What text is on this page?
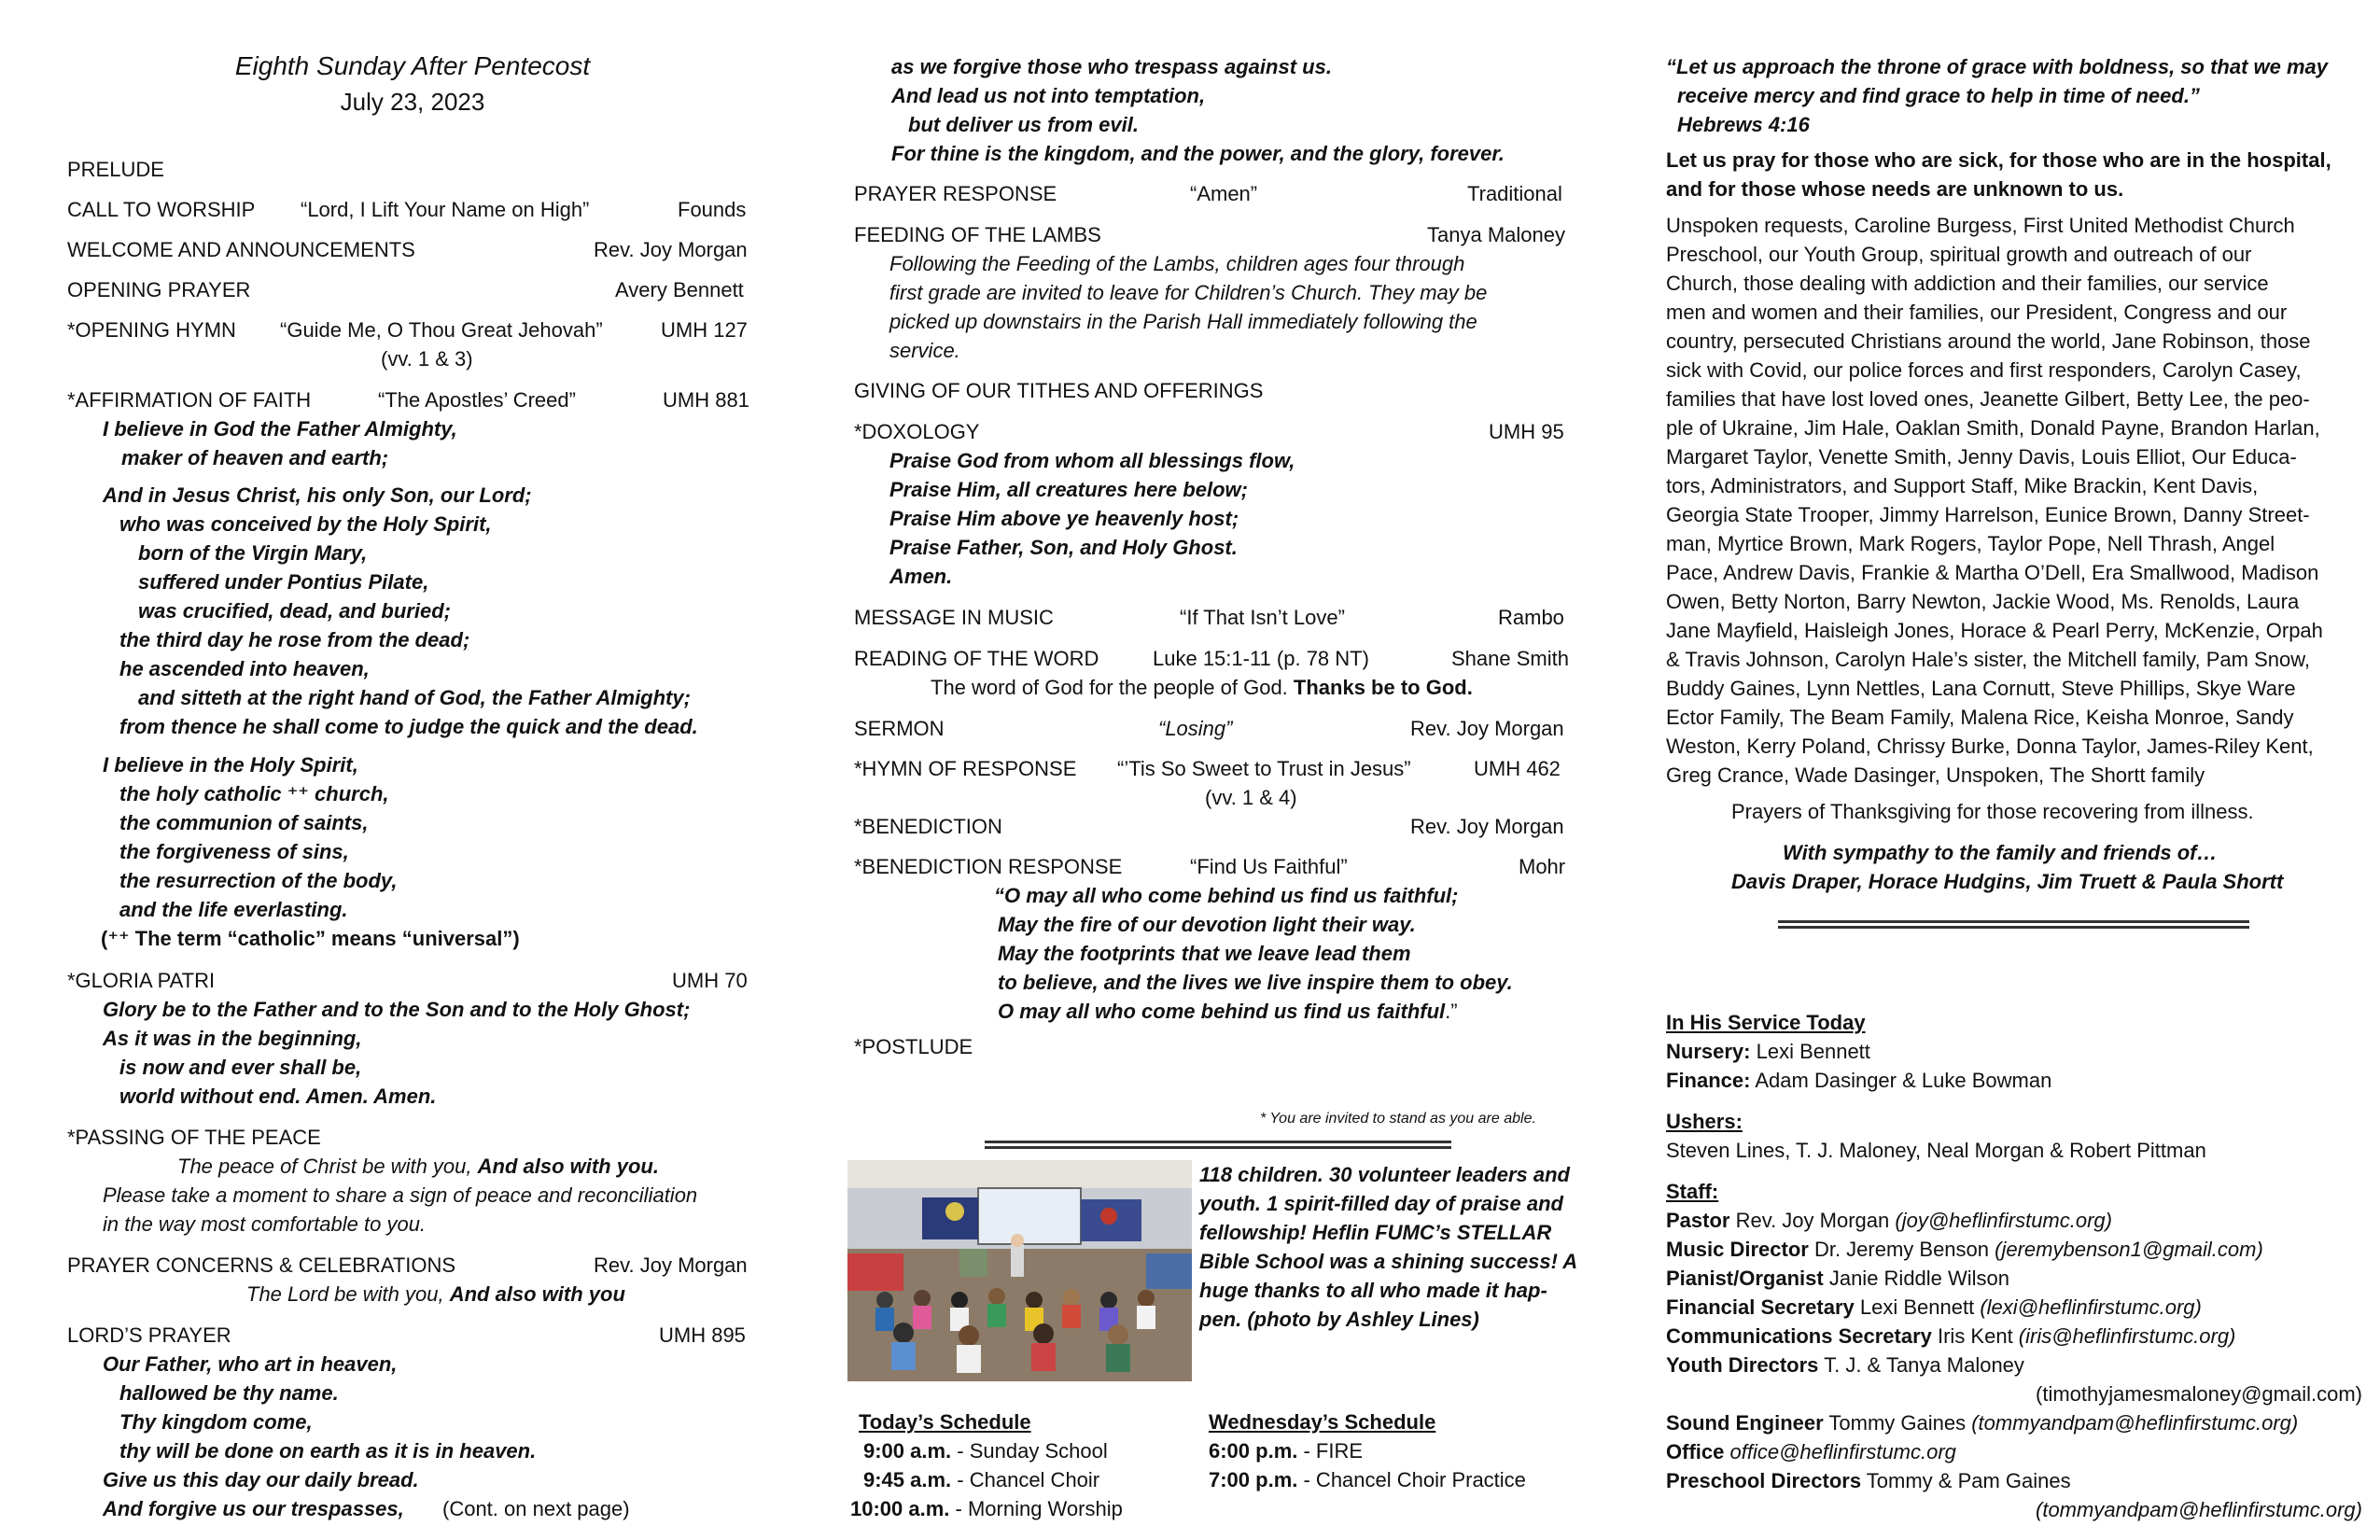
Eighth Sunday After Pentecost
July 23, 2023
PRELUDE
CALL TO WORSHIP “Lord, I Lift Your Name on High”	Founds
WELCOME AND ANNOUNCEMENTS	Rev. Joy Morgan
OPENING PRAYER	Avery Bennett
*OPENING HYMN “Guide Me, O Thou Great Jehovah”	UMH 127
(vv. 1 & 3)
*AFFIRMATION OF FAITH	“The Apostles’ Creed”	UMH 881

I believe in God the Father Almighty,

maker of heaven and earth;

And in Jesus Christ, his only Son, our Lord;

who was conceived by the Holy Spirit,

born of the Virgin Mary,

suffered under Pontius Pilate,

was crucified, dead, and buried;

the third day he rose from the dead;

he ascended into heaven,

and sitteth at the right hand of God, the Father Almighty;

from thence he shall come to judge the quick and the dead.

I believe in the Holy Spirit,

the holy catholic ⁺⁺ church,

the communion of saints,

the forgiveness of sins,

the resurrection of the body,

and the life everlasting.

(⁺⁺ The term “catholic” means “universal”)
*GLORIA PATRI	UMH 70

Glory be to the Father and to the Son and to the Holy Ghost;

As it was in the beginning,

is now and ever shall be,

world without end. Amen. Amen.

*PASSING OF THE PEACE
The peace of Christ be with you, And also with you.
Please take a moment to share a sign of peace and reconciliation
in the way most comfortable to you.
PRAYER CONCERNS & CELEBRATIONS	Rev. Joy Morgan
The Lord be with you, And also with you
LORD’S PRAYER	UMH 895

Our Father, who art in heaven,

hallowed be thy name.

Thy kingdom come,

thy will be done on earth as it is in heaven.

Give us this day our daily bread.

And forgive us our trespasses,	(Cont. on next page)

as we forgive those who trespass against us.

And lead us not into temptation,

but deliver us from evil.

For thine is the kingdom, and the power, and the glory, forever.

PRAYER RESPONSE	“Amen”	Traditional
FEEDING OF THE LAMBS	Tanya Maloney

Following the Feeding of the Lambs, children ages four through

first grade are invited to leave for Children’s Church. They may be

picked up downstairs in the Parish Hall immediately following the

service.

GIVING OF OUR TITHES AND OFFERINGS
*DOXOLOGY	UMH 95

Praise God from whom all blessings flow,

Praise Him, all creatures here below;

Praise Him above ye heavenly host;

Praise Father, Son, and Holy Ghost.

Amen.

MESSAGE IN MUSIC	“If That Isn’t Love”	Rambo
READING OF THE WORD	Luke 15:1-11 (p. 78 NT)	Shane Smith
The word of God for the people of God. Thanks be to God.
SERMON	“Losing”	Rev. Joy Morgan
*HYMN OF RESPONSE “’Tis So Sweet to Trust in Jesus”	UMH 462
(vv. 1 & 4)
*BENEDICTION	Rev. Joy Morgan
*BENEDICTION RESPONSE	“Find Us Faithful”	Mohr

“O may all who come behind us find us faithful;

May the fire of our devotion light their way.

May the footprints that we leave lead them

to believe, and the lives we live inspire them to obey.

O may all who come behind us find us faithful.”

*POSTLUDE
* You are invited to stand as you are able.

118 children. 30 volunteer leaders and

youth. 1 spirit-filled day of praise and

fellowship! Heflin FUMC’s STELLAR

Bible School was a shining success! A

huge thanks to all who made it hap-

pen. (photo by Ashley Lines)

Today’s Schedule
9:00 a.m. - Sunday School
9:45 a.m. - Chancel Choir
10:00 a.m. - Morning Worship
Wednesday’s Schedule
6:00 p.m. - FIRE
7:00 p.m. - Chancel Choir Practice

“Let us approach the throne of grace with boldness, so that we may

receive mercy and find grace to help in time of need.”

Hebrews 4:16

Let us pray for those who are sick, for those who are in the hospital,

and for those whose needs are unknown to us.

Unspoken requests, Caroline Burgess, First United Methodist Church

Preschool, our Youth Group, spiritual growth and outreach of our

Church, those dealing with addiction and their families, our service

men and women and their families, our President, Congress and our

country, persecuted Christians around the world, Jane Robinson, those

sick with Covid, our police forces and first responders, Carolyn Casey,

families that have lost loved ones, Jeanette Gilbert, Betty Lee, the peo-

ple of Ukraine, Jim Hale, Oaklan Smith, Donald Payne, Brandon Harlan,

Margaret Taylor, Venette Smith, Jenny Davis, Louis Elliot, Our Educa-

tors, Administrators, and Support Staff, Mike Brackin, Kent Davis,

Georgia State Trooper, Jimmy Harrelson, Eunice Brown, Danny Street-

man, Myrtice Brown, Mark Rogers, Taylor Pope, Nell Thrash, Angel

Pace, Andrew Davis, Frankie & Martha O’Dell, Era Smallwood, Madison

Owen, Betty Norton, Barry Newton, Jackie Wood, Ms. Renolds, Laura

Jane Mayfield, Haisleigh Jones, Horace & Pearl Perry, McKenzie, Orpah

& Travis Johnson, Carolyn Hale’s sister, the Mitchell family, Pam Snow,

Buddy Gaines, Lynn Nettles, Lana Cornutt, Steve Phillips, Skye Ware

Ector Family, The Beam Family, Malena Rice, Keisha Monroe, Sandy

Weston, Kerry Poland, Chrissy Burke, Donna Taylor, James-Riley Kent,

Greg Crance, Wade Dasinger, Unspoken, The Shortt family

Prayers of Thanksgiving for those recovering from illness.
With sympathy to the family and friends of…
Davis Draper, Horace Hudgins, Jim Truett & Paula Shortt
In His Service Today
Nursery: Lexi Bennett
Finance: Adam Dasinger & Luke Bowman
Ushers:
Steven Lines, T. J. Maloney, Neal Morgan & Robert Pittman
Staff:

Pastor Rev. Joy Morgan (joy@heflinfirstumc.org)

Music Director Dr. Jeremy Benson (jeremybenson1@gmail.com)

Pianist/Organist Janie Riddle Wilson

Financial Secretary Lexi Bennett (lexi@heflinfirstumc.org)

Communications Secretary Iris Kent (iris@heflinfirstumc.org)

Youth Directors T. J. & Tanya Maloney

(timothyjamesmaloney@gmail.com)

Sound Engineer Tommy Gaines (tommyandpam@heflinfirstumc.org)

Office office@heflinfirstumc.org

Preschool Directors Tommy & Pam Gaines

(tommyandpam@heflinfirstumc.org)
